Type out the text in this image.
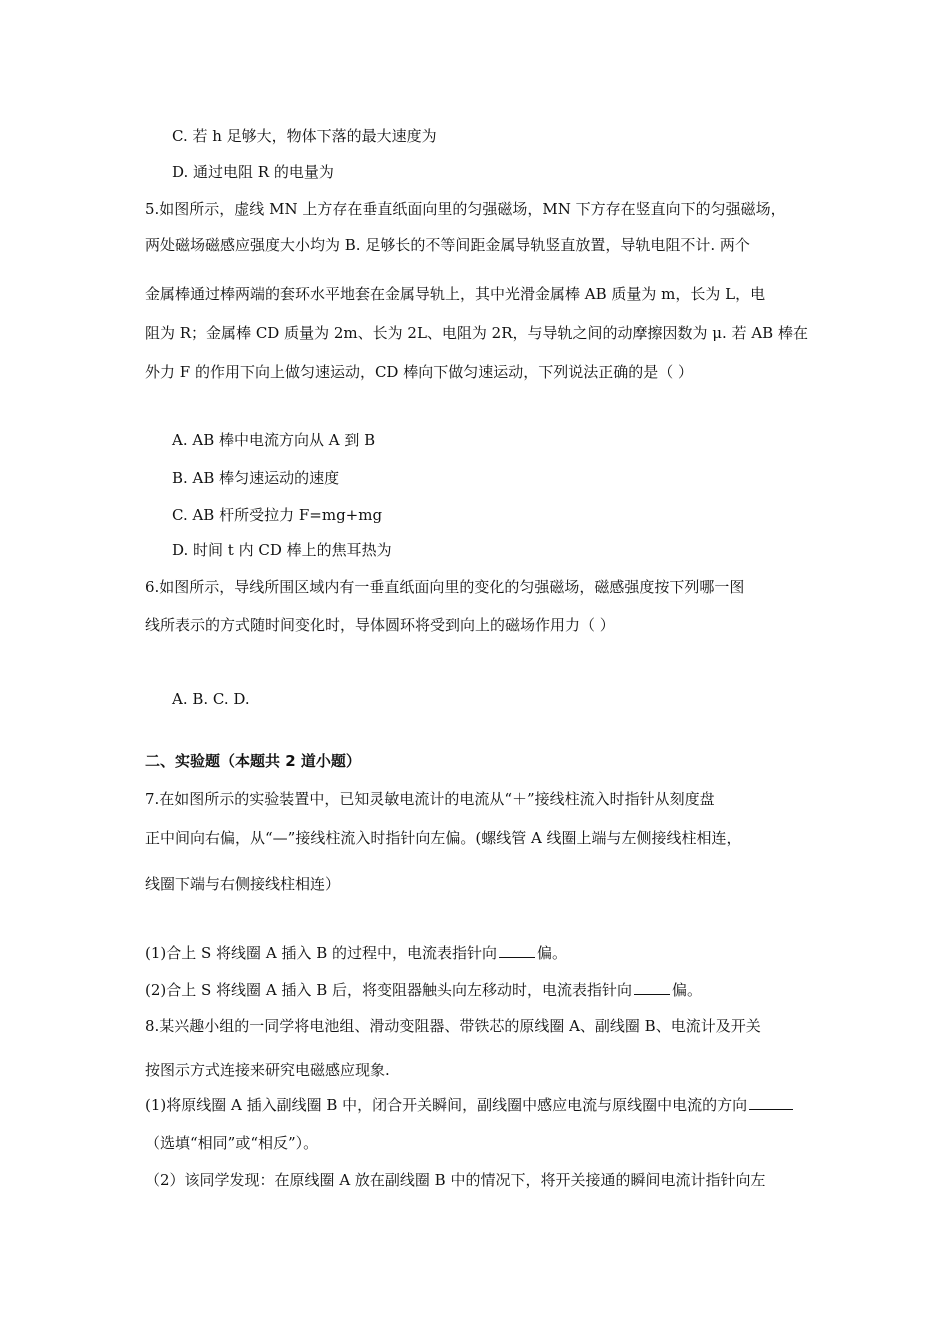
C. 若 h 足够大，物体下落的最大速度为
D. 通过电阻 R 的电量为
5.如图所示，虚线 MN 上方存在垂直纸面向里的匀强磁场，MN 下方存在竖直向下的匀强磁场，
两处磁场磁感应强度大小均为 B. 足够长的不等间距金属导轨竖直放置，导轨电阻不计. 两个
金属棒通过棒两端的套环水平地套在金属导轨上，其中光滑金属棒 AB 质量为 m，长为 L，电
阻为 R；金属棒 CD 质量为 2m、长为 2L、电阻为 2R，与导轨之间的动摩擦因数为 μ. 若 AB 棒在
外力 F 的作用下向上做匀速运动，CD 棒向下做匀速运动，下列说法正确的是（ ）
A. AB 棒中电流方向从 A 到 B
B. AB 棒匀速运动的速度
C. AB 杆所受拉力 F=mg+mg
D. 时间 t 内 CD 棒上的焦耳热为
6.如图所示，导线所围区域内有一垂直纸面向里的变化的匀强磁场，磁感强度按下列哪一图
线所表示的方式随时间变化时，导体圆环将受到向上的磁场作用力（ ）
A. B. C. D.
二、实验题（本题共 2 道小题）
7.在如图所示的实验装置中，已知灵敏电流计的电流从“＋”接线柱流入时指针从刻度盘
正中间向右偏，从“—”接线柱流入时指针向左偏。(螺线管 A 线圈上端与左侧接线柱相连，
线圈下端与右侧接线柱相连）
(1)合上 S 将线圈 A 插入 B 的过程中，电流表指针向	偏。
(2)合上 S 将线圈 A 插入 B 后，将变阻器触头向左移动时，电流表指针向	偏。
8.某兴趣小组的一同学将电池组、滑动变阻器、带铁芯的原线圈 A、副线圈 B、电流计及开关
按图示方式连接来研究电磁感应现象.
(1)将原线圈 A 插入副线圈 B 中，闭合开关瞬间，副线圈中感应电流与原线圈中电流的方向
（选填“相同”或“相反”）。
（2）该同学发现：在原线圈 A 放在副线圈 B 中的情况下，将开关接通的瞬间电流计指针向左
